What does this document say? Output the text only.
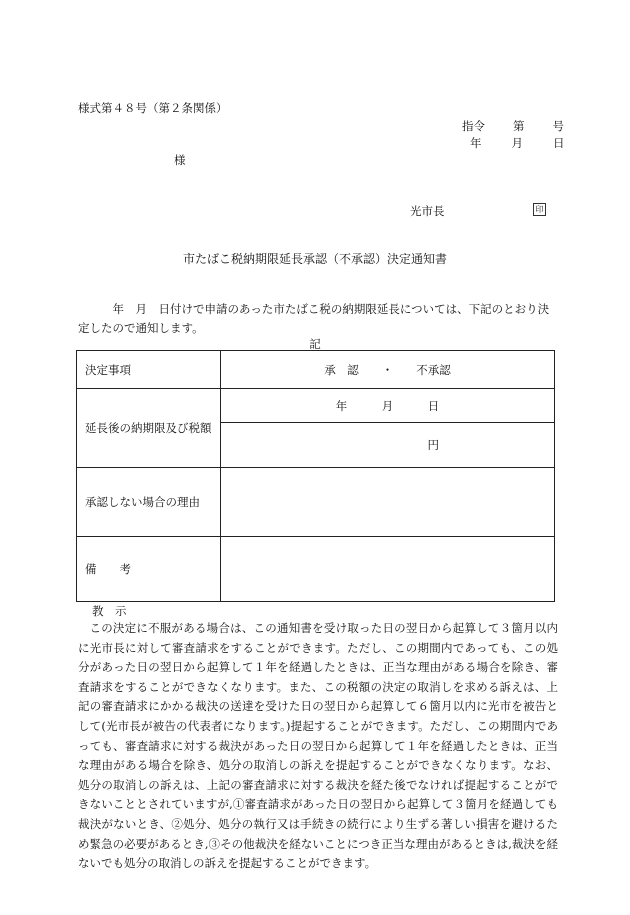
様式第４８号（第２条関係）
指令 第 号
年	月	日
様
光市長	印
市たばこ税納期限延長承認（不承認）決定通知書
　　　年　月　日付けで申請のあった市たばこ税の納期限延長については、下記のとおり決定したので通知します。
記
決定事項	承　認　　・　　不承認
延長後の納期限及び税額	年　　　月　　　日
	円
承認しない場合の理由	
備　　考	
教　示
この決定に不服がある場合は、この通知書を受け取った日の翌日から起算して３箇月以内に光市長に対して審査請求をすることができます。ただし、この期間内であっても、この処分があった日の翌日から起算して１年を経過したときは、正当な理由がある場合を除き、審査請求をすることができなくなります。また、この税額の決定の取消しを求める訴えは、上記の審査請求にかかる裁決の送達を受けた日の翌日から起算して６箇月以内に光市を被告として(光市長が被告の代表者になります。)提起することができます。ただし、この期間内であっても、審査請求に対する裁決があった日の翌日から起算して１年を経過したときは、正当な理由がある場合を除き、処分の取消しの訴えを提起することができなくなります。なお、処分の取消しの訴えは、上記の審査請求に対する裁決を経た後でなければ提起することができないこととされていますが,①審査請求があった日の翌日から起算して３箇月を経過しても裁決がないとき、②処分、処分の執行又は手続きの続行により生ずる著しい損害を避けるため緊急の必要があるとき,③その他裁決を経ないことにつき正当な理由があるときは,裁決を経ないでも処分の取消しの訴えを提起することができます。
